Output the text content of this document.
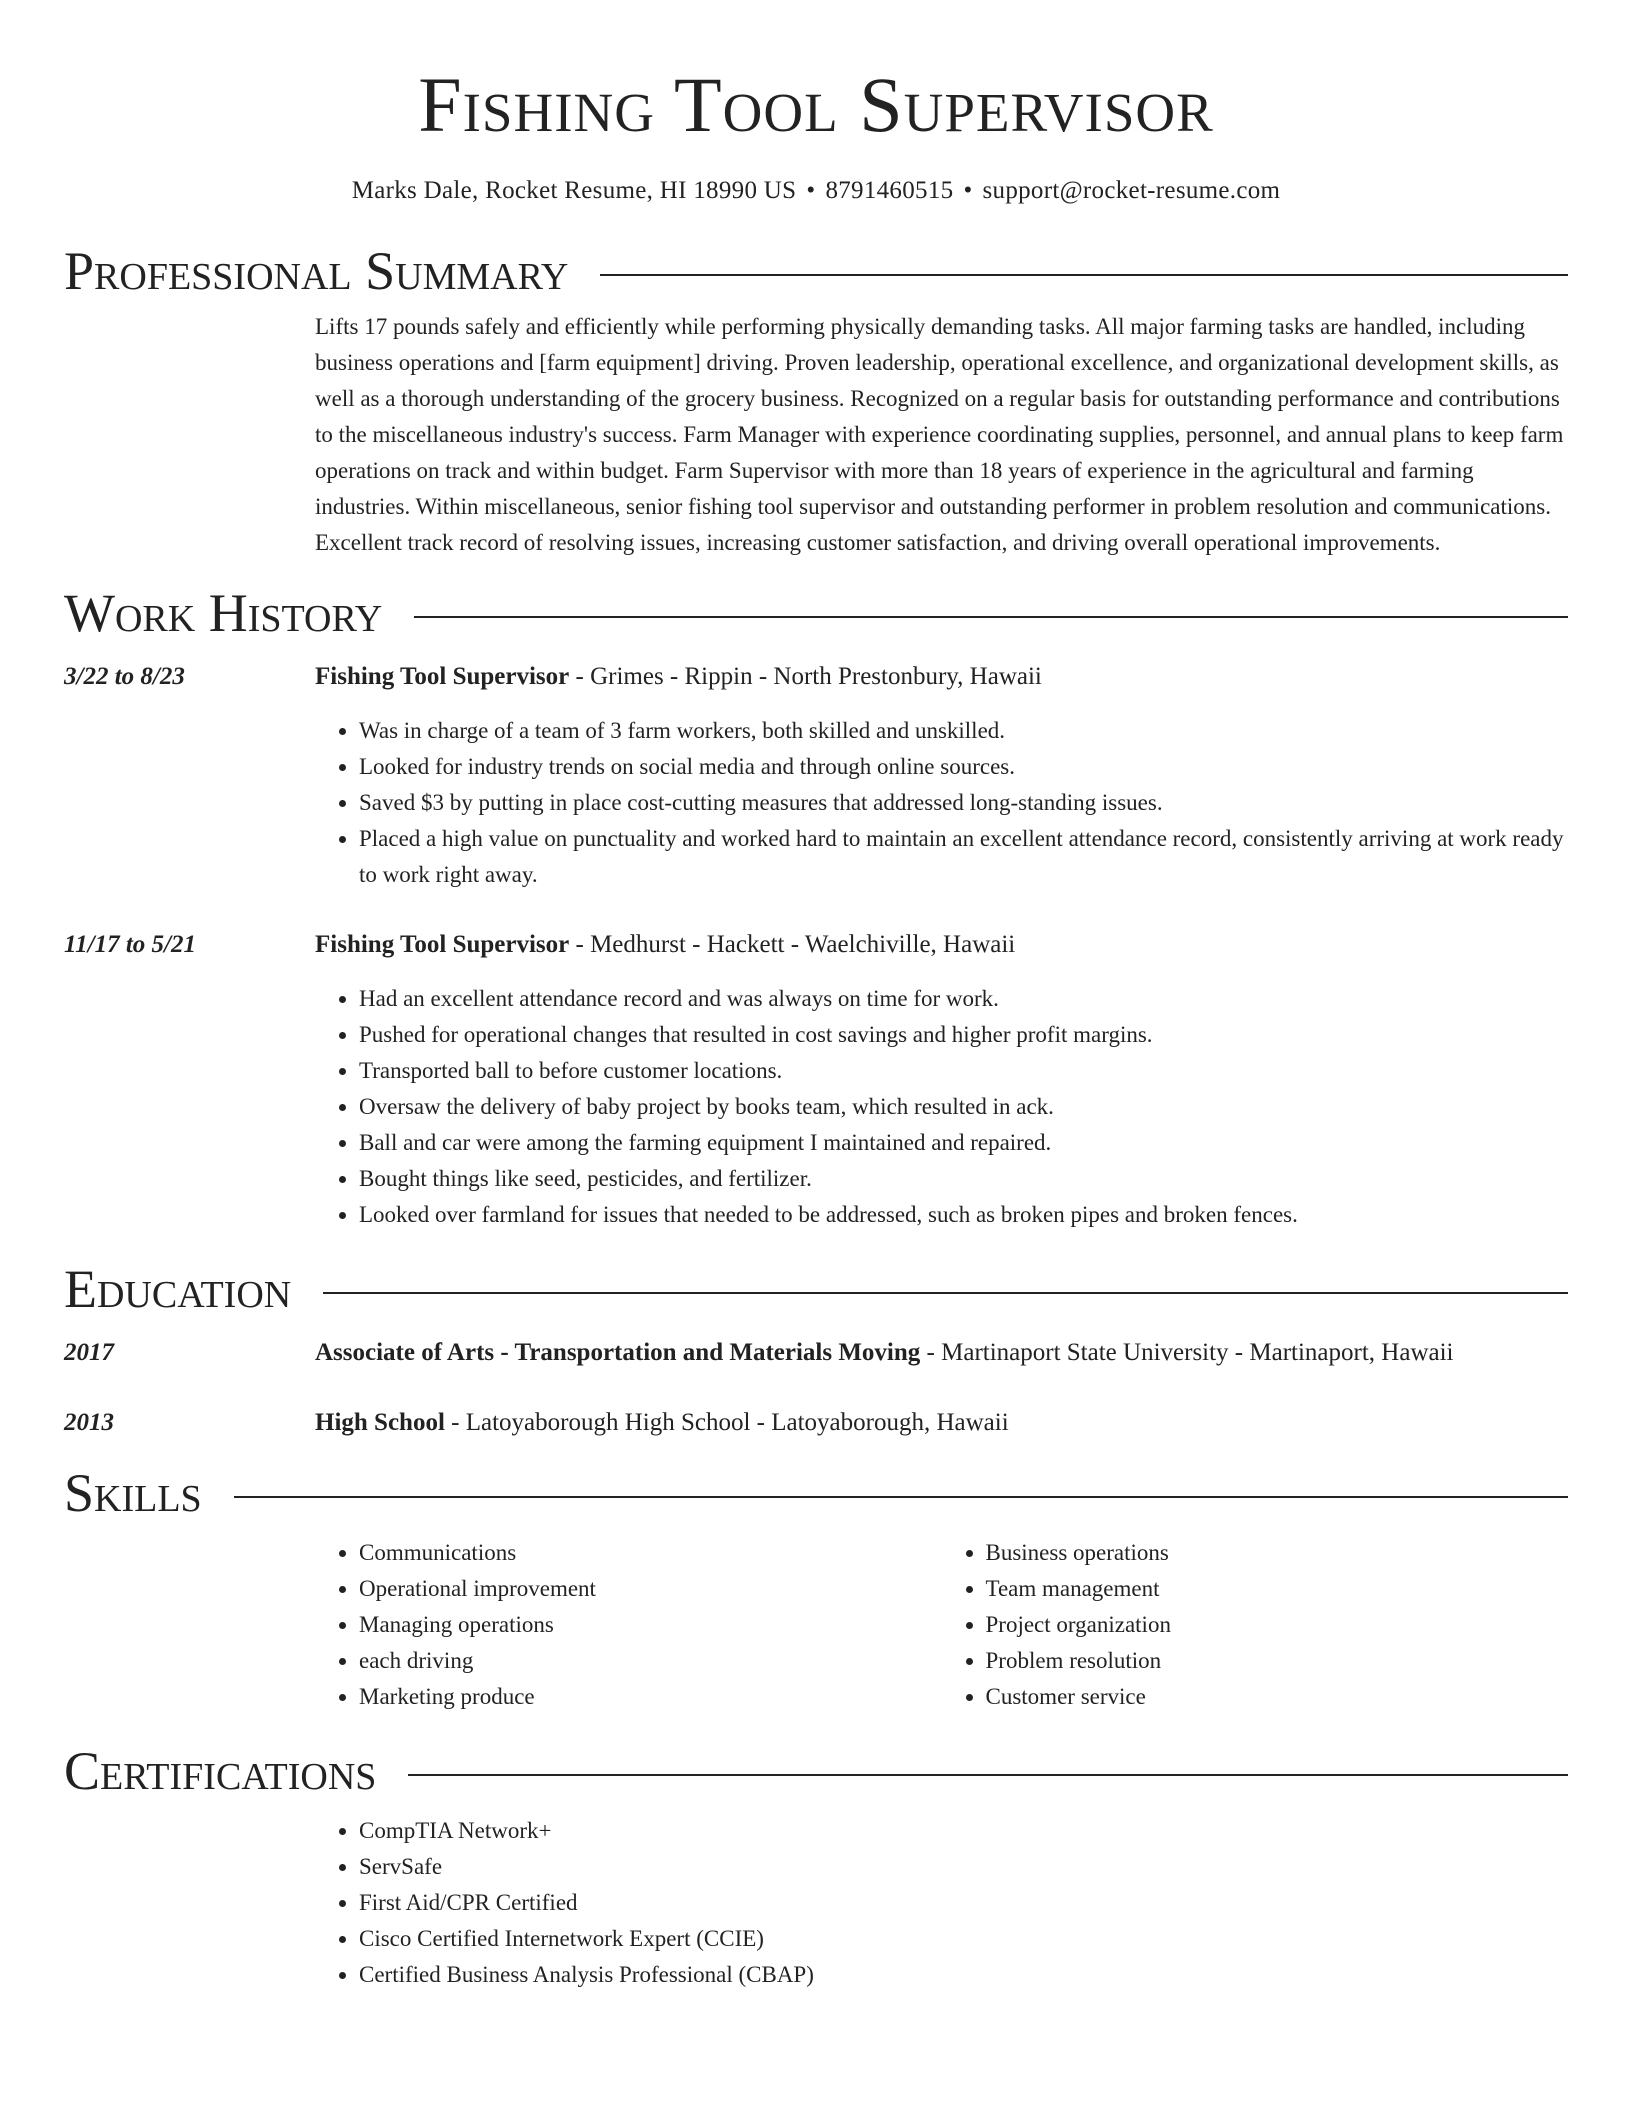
Fishing Tool Supervisor
Marks Dale, Rocket Resume, HI 18990 US • 8791460515 • support@rocket-resume.com
Professional Summary
Lifts 17 pounds safely and efficiently while performing physically demanding tasks. All major farming tasks are handled, including business operations and [farm equipment] driving. Proven leadership, operational excellence, and organizational development skills, as well as a thorough understanding of the grocery business. Recognized on a regular basis for outstanding performance and contributions to the miscellaneous industry's success. Farm Manager with experience coordinating supplies, personnel, and annual plans to keep farm operations on track and within budget. Farm Supervisor with more than 18 years of experience in the agricultural and farming industries. Within miscellaneous, senior fishing tool supervisor and outstanding performer in problem resolution and communications. Excellent track record of resolving issues, increasing customer satisfaction, and driving overall operational improvements.
Work History
3/22 to 8/23	Fishing Tool Supervisor - Grimes - Rippin - North Prestonbury, Hawaii
• Was in charge of a team of 3 farm workers, both skilled and unskilled.
• Looked for industry trends on social media and through online sources.
• Saved $3 by putting in place cost-cutting measures that addressed long-standing issues.
• Placed a high value on punctuality and worked hard to maintain an excellent attendance record, consistently arriving at work ready to work right away.
11/17 to 5/21	Fishing Tool Supervisor - Medhurst - Hackett - Waelchiville, Hawaii
• Had an excellent attendance record and was always on time for work.
• Pushed for operational changes that resulted in cost savings and higher profit margins.
• Transported ball to before customer locations.
• Oversaw the delivery of baby project by books team, which resulted in ack.
• Ball and car were among the farming equipment I maintained and repaired.
• Bought things like seed, pesticides, and fertilizer.
• Looked over farmland for issues that needed to be addressed, such as broken pipes and broken fences.
Education
2017	Associate of Arts - Transportation and Materials Moving - Martinaport State University - Martinaport, Hawaii
2013	High School - Latoyaborough High School - Latoyaborough, Hawaii
Skills
• Communications
• Operational improvement
• Managing operations
• each driving
• Marketing produce
• Business operations
• Team management
• Project organization
• Problem resolution
• Customer service
Certifications
• CompTIA Network+
• ServSafe
• First Aid/CPR Certified
• Cisco Certified Internetwork Expert (CCIE)
• Certified Business Analysis Professional (CBAP)
